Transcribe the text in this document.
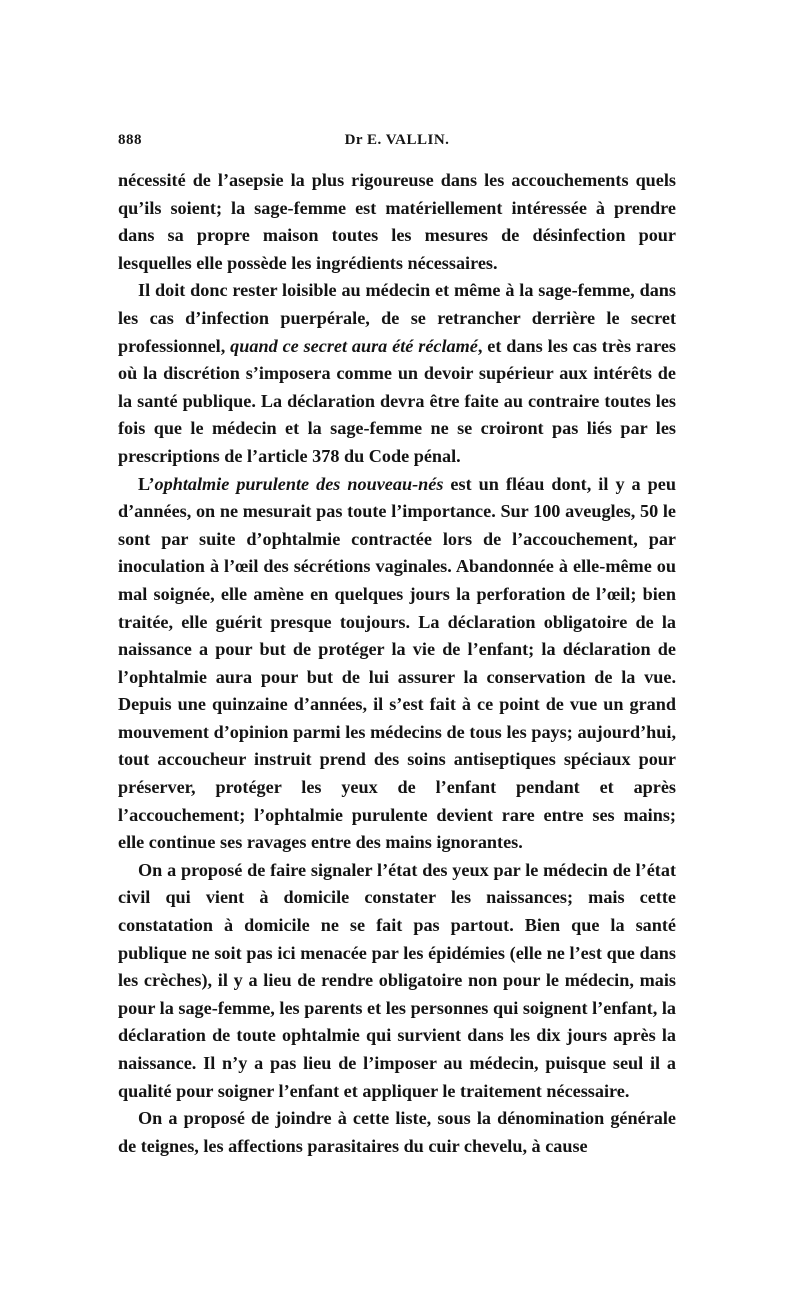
888	Dr E. VALLIN.

nécessité de l’asepsie la plus rigoureuse dans les accouchements quels qu’ils soient; la sage-femme est matériellement intéressée à prendre dans sa propre maison toutes les mesures de désinfection pour lesquelles elle possède les ingrédients nécessaires.

Il doit donc rester loisible au médecin et même à la sage-femme, dans les cas d’infection puerpérale, de se retrancher derrière le secret professionnel, quand ce secret aura été réclamé, et dans les cas très rares où la discrétion s’imposera comme un devoir supérieur aux intérêts de la santé publique. La déclaration devra être faite au contraire toutes les fois que le médecin et la sage-femme ne se croiront pas liés par les prescriptions de l’article 378 du Code pénal.

L’ophtalmie purulente des nouveau-nés est un fléau dont, il y a peu d’années, on ne mesurait pas toute l’importance. Sur 100 aveugles, 50 le sont par suite d’ophtalmie contractée lors de l’accouchement, par inoculation à l’œil des sécrétions vaginales. Abandonnée à elle-même ou mal soignée, elle amène en quelques jours la perforation de l’œil; bien traitée, elle guérit presque toujours. La déclaration obligatoire de la naissance a pour but de protéger la vie de l’enfant; la déclaration de l’ophtalmie aura pour but de lui assurer la conservation de la vue. Depuis une quinzaine d’années, il s’est fait à ce point de vue un grand mouvement d’opinion parmi les médecins de tous les pays; aujourd’hui, tout accoucheur instruit prend des soins antiseptiques spéciaux pour préserver, protéger les yeux de l’enfant pendant et après l’accouchement; l’ophtalmie purulente devient rare entre ses mains; elle continue ses ravages entre des mains ignorantes.

On a proposé de faire signaler l’état des yeux par le médecin de l’état civil qui vient à domicile constater les naissances; mais cette constatation à domicile ne se fait pas partout. Bien que la santé publique ne soit pas ici menacée par les épidémies (elle ne l’est que dans les crèches), il y a lieu de rendre obligatoire non pour le médecin, mais pour la sage-femme, les parents et les personnes qui soignent l’enfant, la déclaration de toute ophtalmie qui survient dans les dix jours après la naissance. Il n’y a pas lieu de l’imposer au médecin, puisque seul il a qualité pour soigner l’enfant et appliquer le traitement nécessaire.

On a proposé de joindre à cette liste, sous la dénomination générale de teignes, les affections parasitaires du cuir chevelu, à cause
